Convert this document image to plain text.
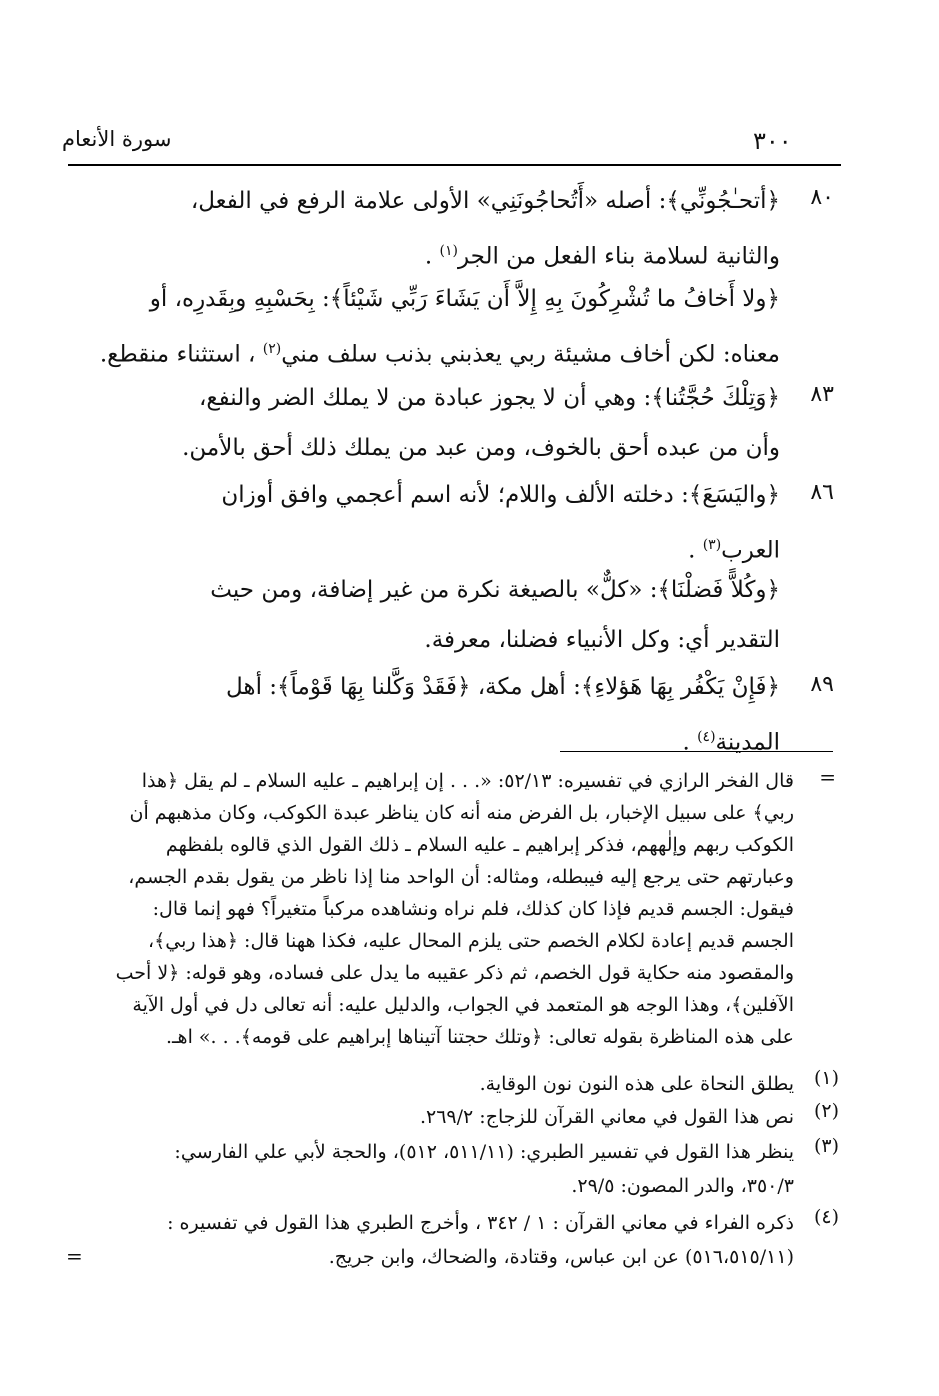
٣٠٠
سورة الأنعام
٨٠
﴿أتحـٰجُونِّي﴾: أصله «أَتُحاجُونَنِي» الأولى علامة الرفع في الفعل،
والثانية لسلامة بناء الفعل من الجر$^{(١)}$ .
﴿ولا أَخافُ ما تُشْرِكُونَ بِهِ إِلاَّ أَن يَشَاءَ رَبِّي شَيْئاً﴾: بِحَسْبِهِ وبِقَدرِه، أو
معناه: لكن أخاف مشيئة ربي يعذبني بذنب سلف مني$^{(٢)}$ ، استثناء منقطع.
٨٣
﴿وَتِلْكَ حُجَّتُنا﴾: وهي أن لا يجوز عبادة من لا يملك الضر والنفع،
وأن من عبده أحق بالخوف، ومن عبد من يملك ذلك أحق بالأمن.
٨٦
﴿واليَسَعَ﴾: دخلته الألف واللام؛ لأنه اسم أعجمي وافق أوزان
العرب$^{(٣)}$ .
﴿وكُلاًّ فَضلْنَا﴾: «كلٌّ» بالصيغة نكرة من غير إضافة، ومن حيث
التقدير أي: وكل الأنبياء فضلنا، معرفة.
٨٩
﴿فَإِنْ يَكْفُر بِهَا هَؤلاءِ﴾: أهل مكة، ﴿فَقَدْ وَكَّلنا بِهَا قَوْماً﴾: أهل
المدينة$^{(٤)}$ .
=
قال الفخر الرازي في تفسيره: ٥٢/١٣: «. . . إن إبراهيم ـ عليه السلام ـ لم يقل ﴿هذا
ربي﴾ على سبيل الإخبار، بل الفرض منه أنه كان يناظر عبدة الكوكب، وكان مذهبهم أن
الكوكب ربهم وإلٰههم، فذكر إبراهيم ـ عليه السلام ـ ذلك القول الذي قالوه بلفظهم
وعبارتهم حتى يرجع إليه فيبطله، ومثاله: أن الواحد منا إذا ناظر من يقول بقدم الجسم،
فيقول: الجسم قديم فإذا كان كذلك، فلم نراه ونشاهده مركباً متغيراً؟ فهو إنما قال:
الجسم قديم إعادة لكلام الخصم حتى يلزم المحال عليه، فكذا ههنا قال: ﴿هذا ربي﴾،
والمقصود منه حكاية قول الخصم، ثم ذكر عقيبه ما يدل على فساده، وهو قوله: ﴿لا أحب
الآفلين﴾، وهذا الوجه هو المتعمد في الجواب، والدليل عليه: أنه تعالى دل في أول الآية
على هذه المناظرة بقوله تعالى: ﴿وتلك حجتنا آتيناها إبراهيم على قومه﴾. . .» اهـ.
(١)
يطلق النحاة على هذه النون نون الوقاية.
(٢)
نص هذا القول في معاني القرآن للزجاج: ٢٦٩/٢.
(٣)
ينظر هذا القول في تفسير الطبري: (٥١١/١١، ٥١٢)، والحجة لأبي علي الفارسي:
٣٥٠/٣، والدر المصون: ٢٩/٥.
(٤)
ذكره الفراء في معاني القرآن : ١ / ٣٤٢ ، وأخرج الطبري هذا القول في تفسيره :
(٥١٦،٥١٥/١١) عن ابن عباس، وقتادة، والضحاك، وابن جريج.
=
